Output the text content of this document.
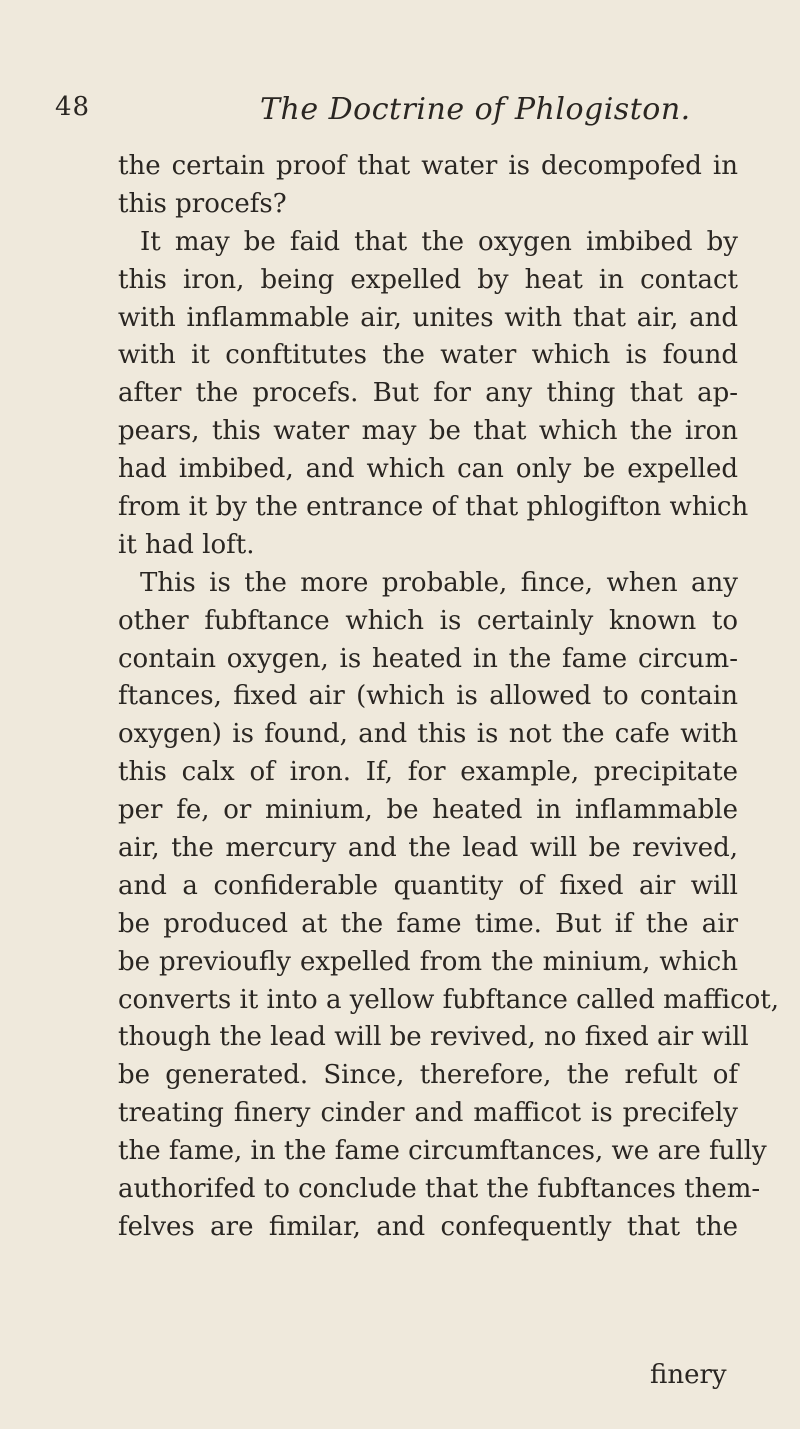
48	The Doctrine of Phlogiston.
the certain proof that water is decompofed in
this procefs?
It may be faid that the oxygen imbibed by
this iron, being expelled by heat in contact
with inflammable air, unites with that air, and
with it conftitutes the water which is found
after the procefs. But for any thing that ap-
pears, this water may be that which the iron
had imbibed, and which can only be expelled
from it by the entrance of that phlogifton which
it had loft.
This is the more probable, fince, when any
other fubftance which is certainly known to
contain oxygen, is heated in the fame circum-
ftances, fixed air (which is allowed to contain
oxygen) is found, and this is not the cafe with
this calx of iron. If, for example, precipitate
per fe, or minium, be heated in inflammable
air, the mercury and the lead will be revived,
and a confiderable quantity of fixed air will
be produced at the fame time. But if the air
be previoufly expelled from the minium, which
converts it into a yellow fubftance called mafficot,
though the lead will be revived, no fixed air will
be generated. Since, therefore, the refult of
treating finery cinder and mafficot is precifely
the fame, in the fame circumftances, we are fully
authorifed to conclude that the fubftances them-
felves are fimilar, and confequently that the
finery
